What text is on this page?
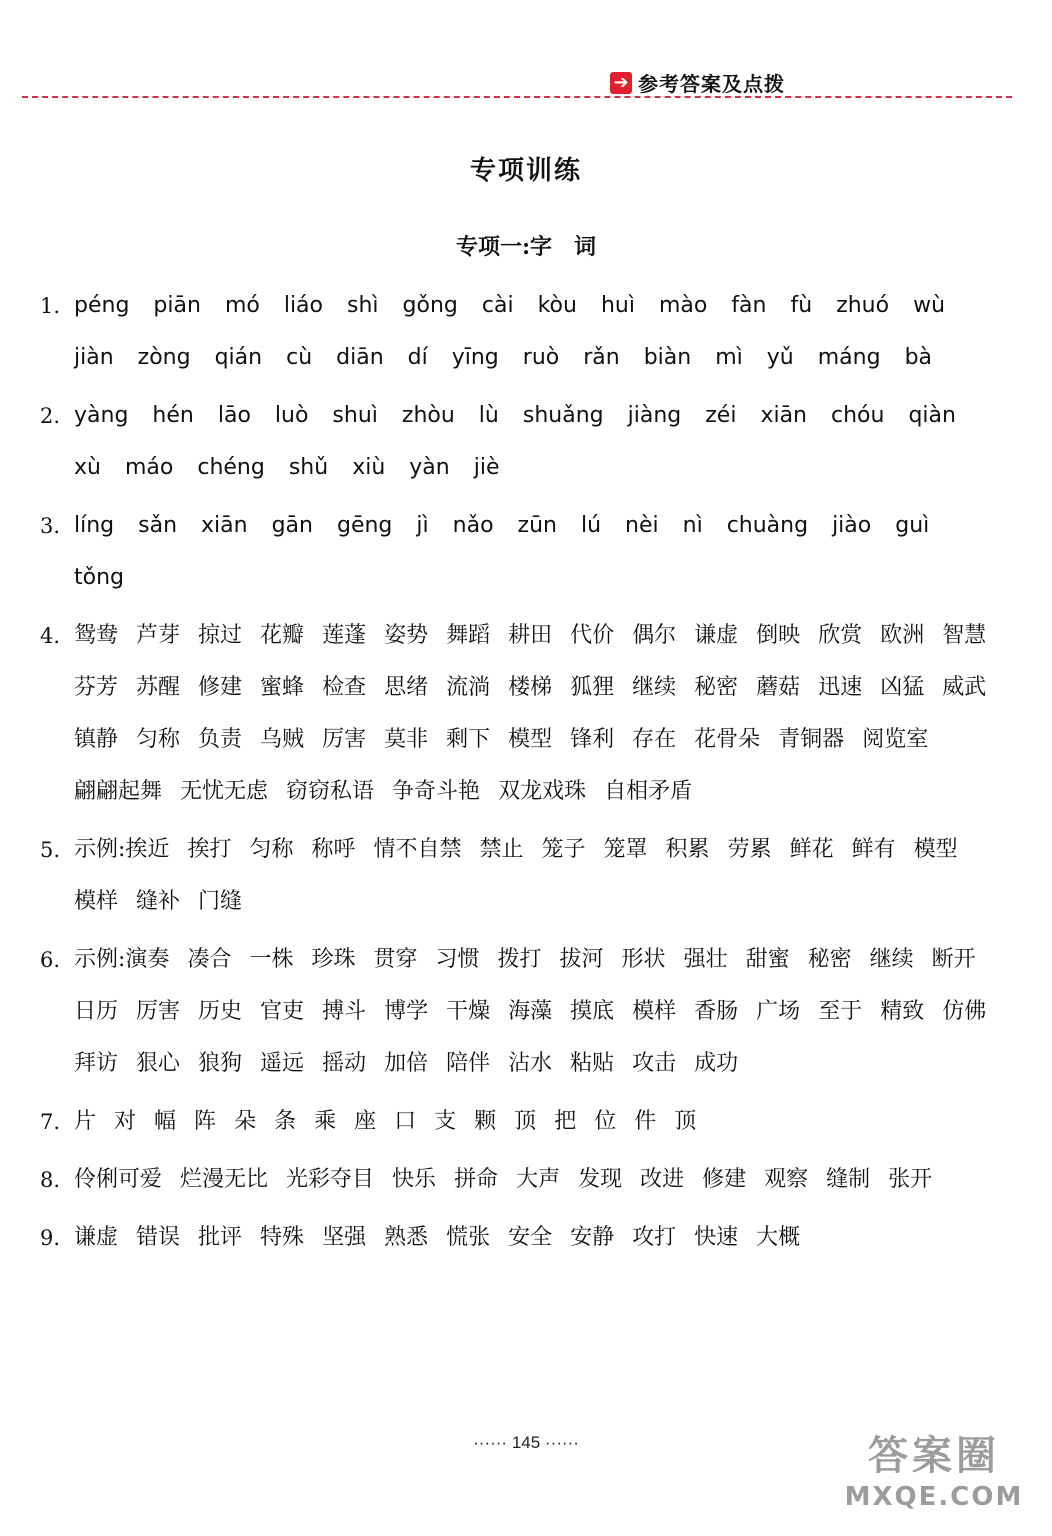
➔ 参考答案及点拨
专项训练
专项一:字　词
1. péng piān mó liáo shì gǒng cài kòu huì mào fàn fù zhuó wù
jiàn zòng qián cù diān dí yīng ruò rǎn biàn mì yǔ máng bà
2. yàng hén lāo luò shuì zhòu lù shuǎng jiàng zéi xiān chóu qiàn
xù máo chéng shǔ xiù yàn jiè
3. líng sǎn xiān gān gēng jì nǎo zūn lú nèi nì chuàng jiào guì
tǒng
4. 鸳鸯 芦芽 掠过 花瓣 莲蓬 姿势 舞蹈 耕田 代价 偶尔 谦虚 倒映 欣赏 欧洲 智慧
芬芳 苏醒 修建 蜜蜂 检查 思绪 流淌 楼梯 狐狸 继续 秘密 蘑菇 迅速 凶猛 威武
镇静 匀称 负责 乌贼 厉害 莫非 剩下 模型 锋利 存在 花骨朵 青铜器 阅览室
翩翩起舞 无忧无虑 窃窃私语 争奇斗艳 双龙戏珠 自相矛盾
5. 示例: 挨近 挨打 匀称 称呼 情不自禁 禁止 笼子 笼罩 积累 劳累 鲜花 鲜有 模型
模样 缝补 门缝
6. 示例: 演奏 凑合 一株 珍珠 贯穿 习惯 拨打 拔河 形状 强壮 甜蜜 秘密 继续 断开
日历 厉害 历史 官吏 搏斗 博学 干燥 海藻 摸底 模样 香肠 广场 至于 精致 仿佛
拜访 狠心 狼狗 遥远 摇动 加倍 陪伴 沾水 粘贴 攻击 成功
7. 片 对 幅 阵 朵 条 乘 座 口 支 颗 顶 把 位 件 顶
8. 伶俐可爱 烂漫无比 光彩夺目 快乐 拼命 大声 发现 改进 修建 观察 缝制 张开
9. 谦虚 错误 批评 特殊 坚强 熟悉 慌张 安全 安静 攻打 快速 大概
······ 145 ······	答案圈
MXQE.COM
